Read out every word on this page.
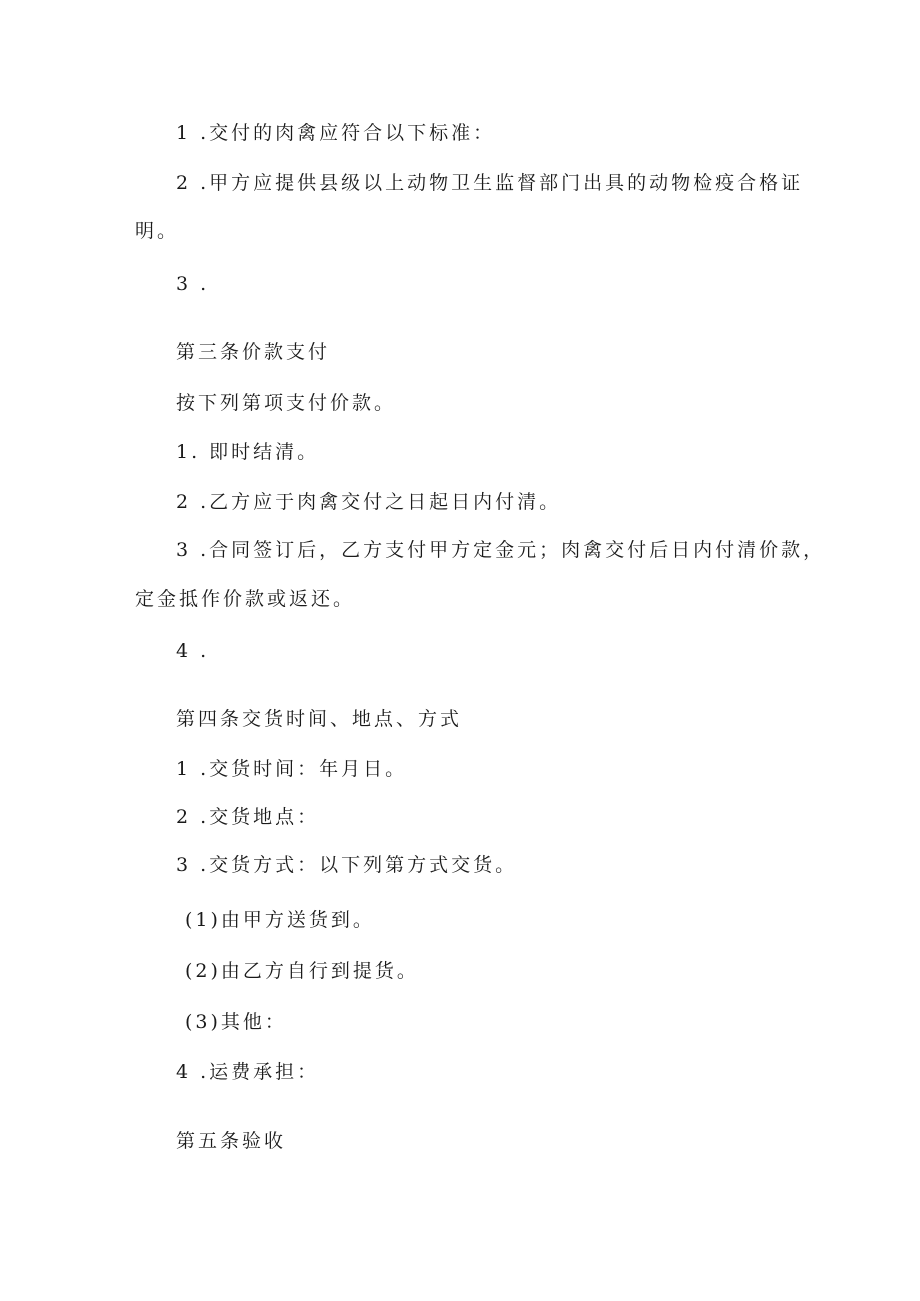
1 .交付的肉禽应符合以下标准：
2 .甲方应提供县级以上动物卫生监督部门出具的动物检疫合格证
明。
3 .
第三条价款支付
按下列第项支付价款。
1. 即时结清。
2 .乙方应于肉禽交付之日起日内付清。
3 .合同签订后，乙方支付甲方定金元；肉禽交付后日内付清价款，
定金抵作价款或返还。
4 .
第四条交货时间、地点、方式
1 .交货时间：年月日。
2 .交货地点：
3 .交货方式：以下列第方式交货。
(1)由甲方送货到。
(2)由乙方自行到提货。
(3)其他：
4 .运费承担：
第五条验收
